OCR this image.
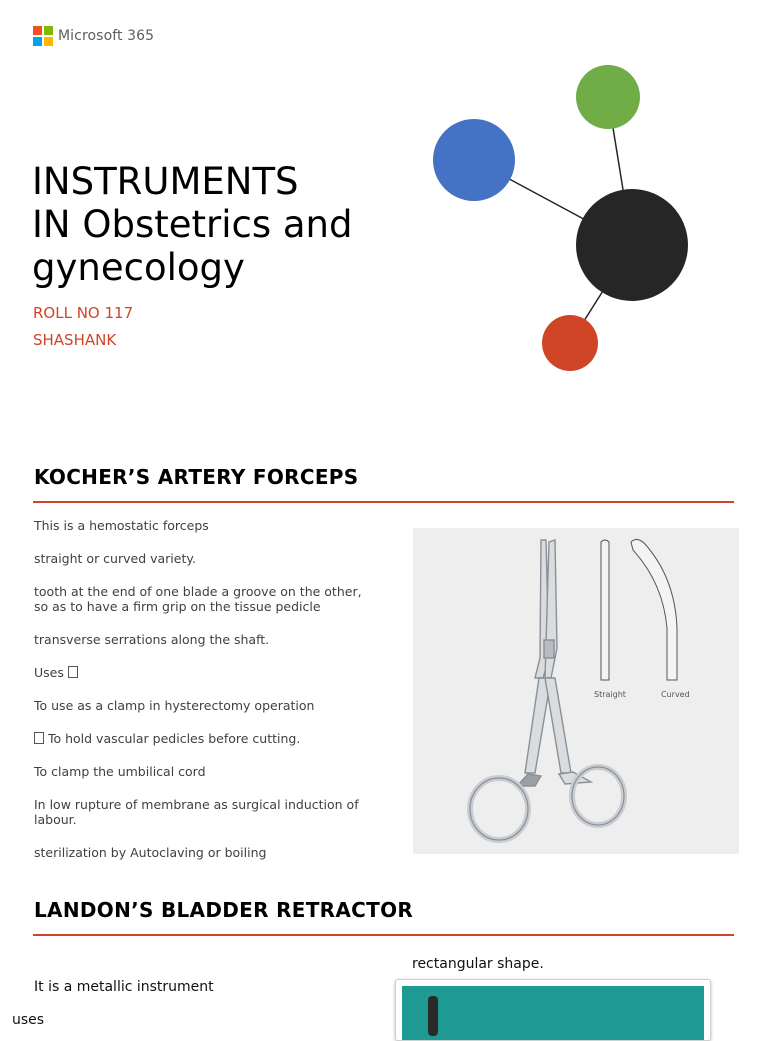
Microsoft 365
INSTRUMENTS
IN Obstetrics and
gynecology
ROLL NO 117
SHASHANK
KOCHER’S ARTERY FORCEPS

This is a hemostatic forceps

straight or curved variety.

tooth at the end of one blade a groove on the other, so as to have a firm grip on the tissue pedicle

transverse serrations along the shaft.

Uses

To use as a clamp in hysterectomy operation

To hold vascular pedicles before cutting.

To clamp the umbilical cord

In low rupture of membrane as surgical induction of labour.

sterilization by Autoclaving or boiling

Straight	Curved
LANDON’S BLADDER RETRACTOR
rectangular shape.
It is a metallic instrument
uses
